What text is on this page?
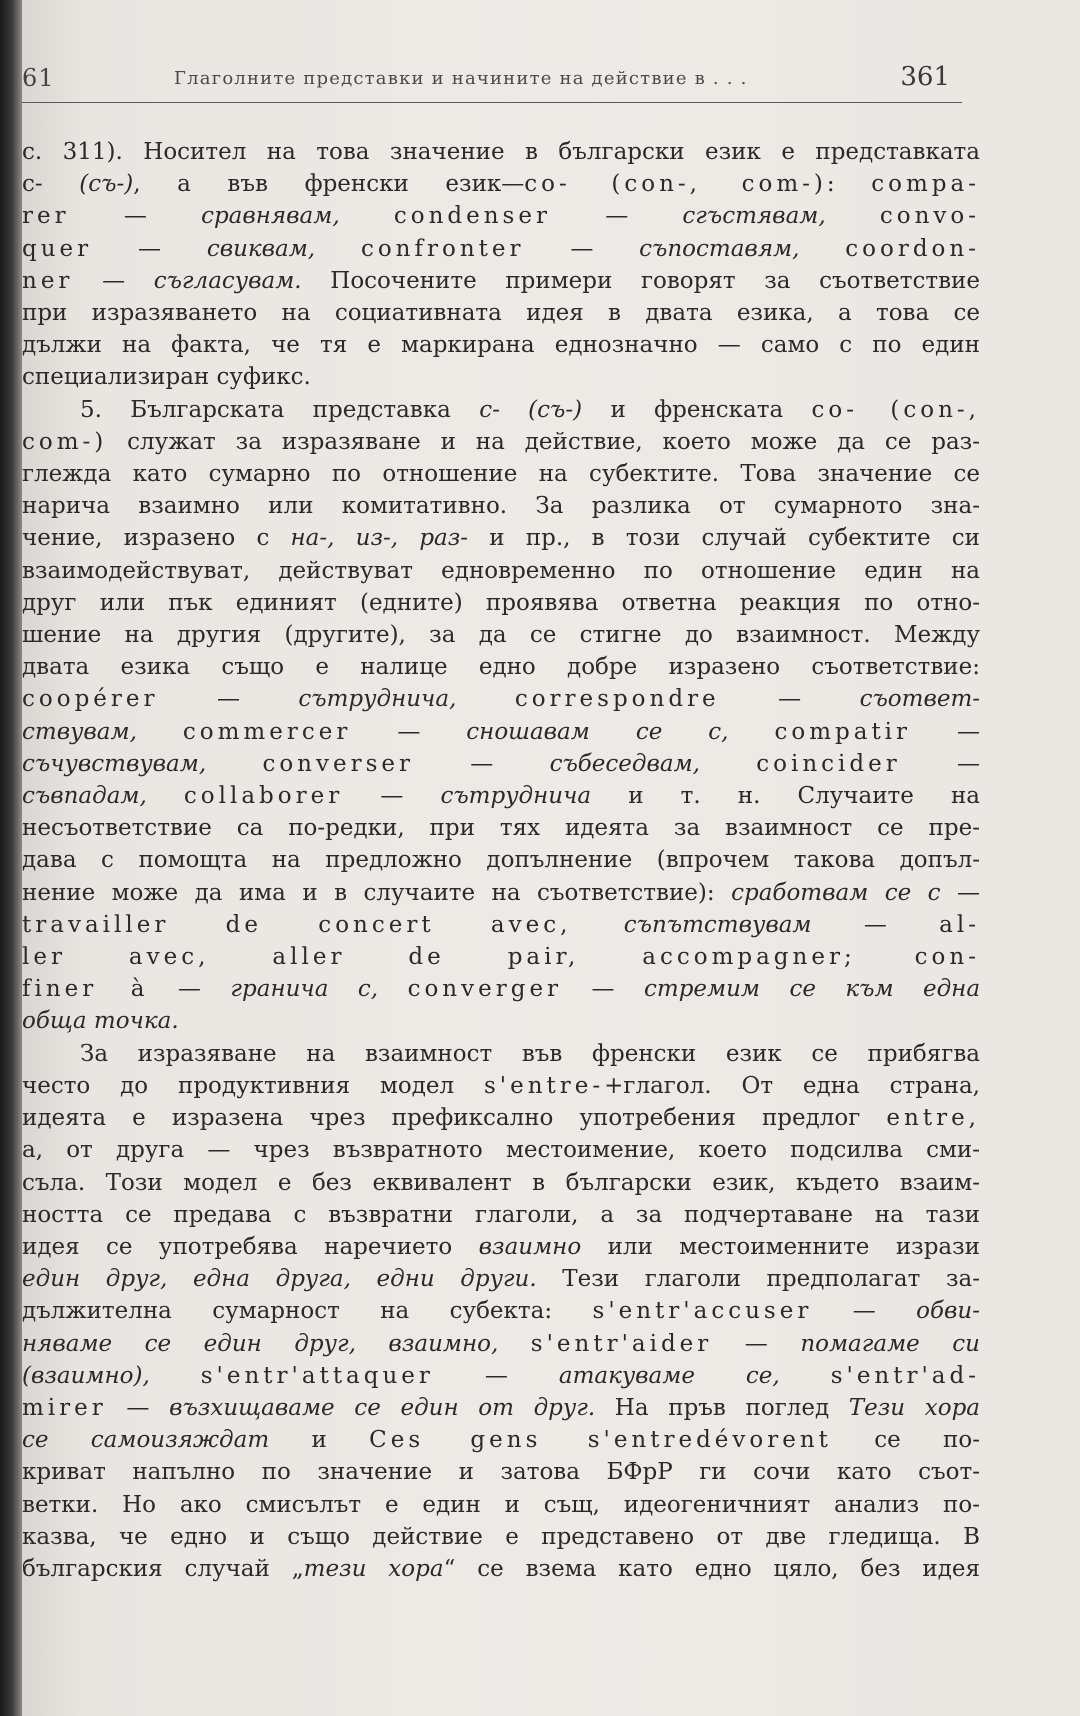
61	Глаголните представки и начините на действие в . . .	361
с. 311). Носител на това значение в български език е представката
с- (съ-), а във френски език—co- (con-, com-): compa-
rer — сравнявам, condenser — сгъстявам, convo-
quer — свиквам, confronter — съпоставям, coordon-
ner — съгласувам. Посочените примери говорят за съответствие
при изразяването на социативната идея в двата езика, а това се
дължи на факта, че тя е маркирана еднозначно — само с по един
специализиран суфикс.
5. Българската представка с- (съ-) и френската co- (con-,
com-) служат за изразяване и на действие, което може да се раз-
глежда като сумарно по отношение на субектите. Това значение се
нарича взаимно или комитативно. За разлика от сумарното зна-
чение, изразено с на-, из-, раз- и пр., в този случай субектите си
взаимодействуват, действуват едновременно по отношение един на
друг или пък единият (едните) проявява ответна реакция по отно-
шение на другия (другите), за да се стигне до взаимност. Между
двата езика също е налице едно добре изразено съответствие:
coopérer — сътруднича,	correspondre — съответ-
ствувам, commercer — сношавам се с, compatir —
съчувствувам, converser — събеседвам, coincider —
съвпадам, collaborer — сътруднича и т. н. Случаите на
несъответствие са по-редки, при тях идеята за взаимност се пре-
дава с помощта на предложно допълнение (впрочем такова допъл-
нение може да има и в случаите на съответствие): сработвам се с —
travailler de concert avec, съпътствувам — al-
ler avec, aller de pair, accompagner;	con-
finer à — гранича с, converger — стремим се към една
обща точка.
За изразяване на взаимност във френски език се прибягва
често до продуктивния модел s'entre-+глагол. От една страна,
идеята е изразена чрез префиксално употребения предлог entre,
а, от друга — чрез възвратното местоимение, което подсилва сми-
съла. Този модел е без еквивалент в български език, където взаим-
ността се предава с възвратни глаголи, а за подчертаване на тази
идея се употребява наречието взаимно или местоименните изрази
един друг, една друга, едни други. Тези глаголи предполагат за-
дължителна сумарност на субекта: s'entr'accuser — обви-
няваме се един друг, взаимно, s'entr'aider — помагаме си
(взаимно), s'entr'attaquer — атакуваме се, s'entr'ad-
mirer — възхищаваме се един от друг. На пръв поглед Тези хора
се самоизяждат и Ces gens s'entredévorent се по-
криват напълно по значение и затова БФрР ги сочи като съот-
ветки. Но ако смисълът е един и същ, идеогеничният анализ по-
казва, че едно и също действие е представено от две гледища. В
българския случай „тези хора“ се взема като едно цяло, без идея
